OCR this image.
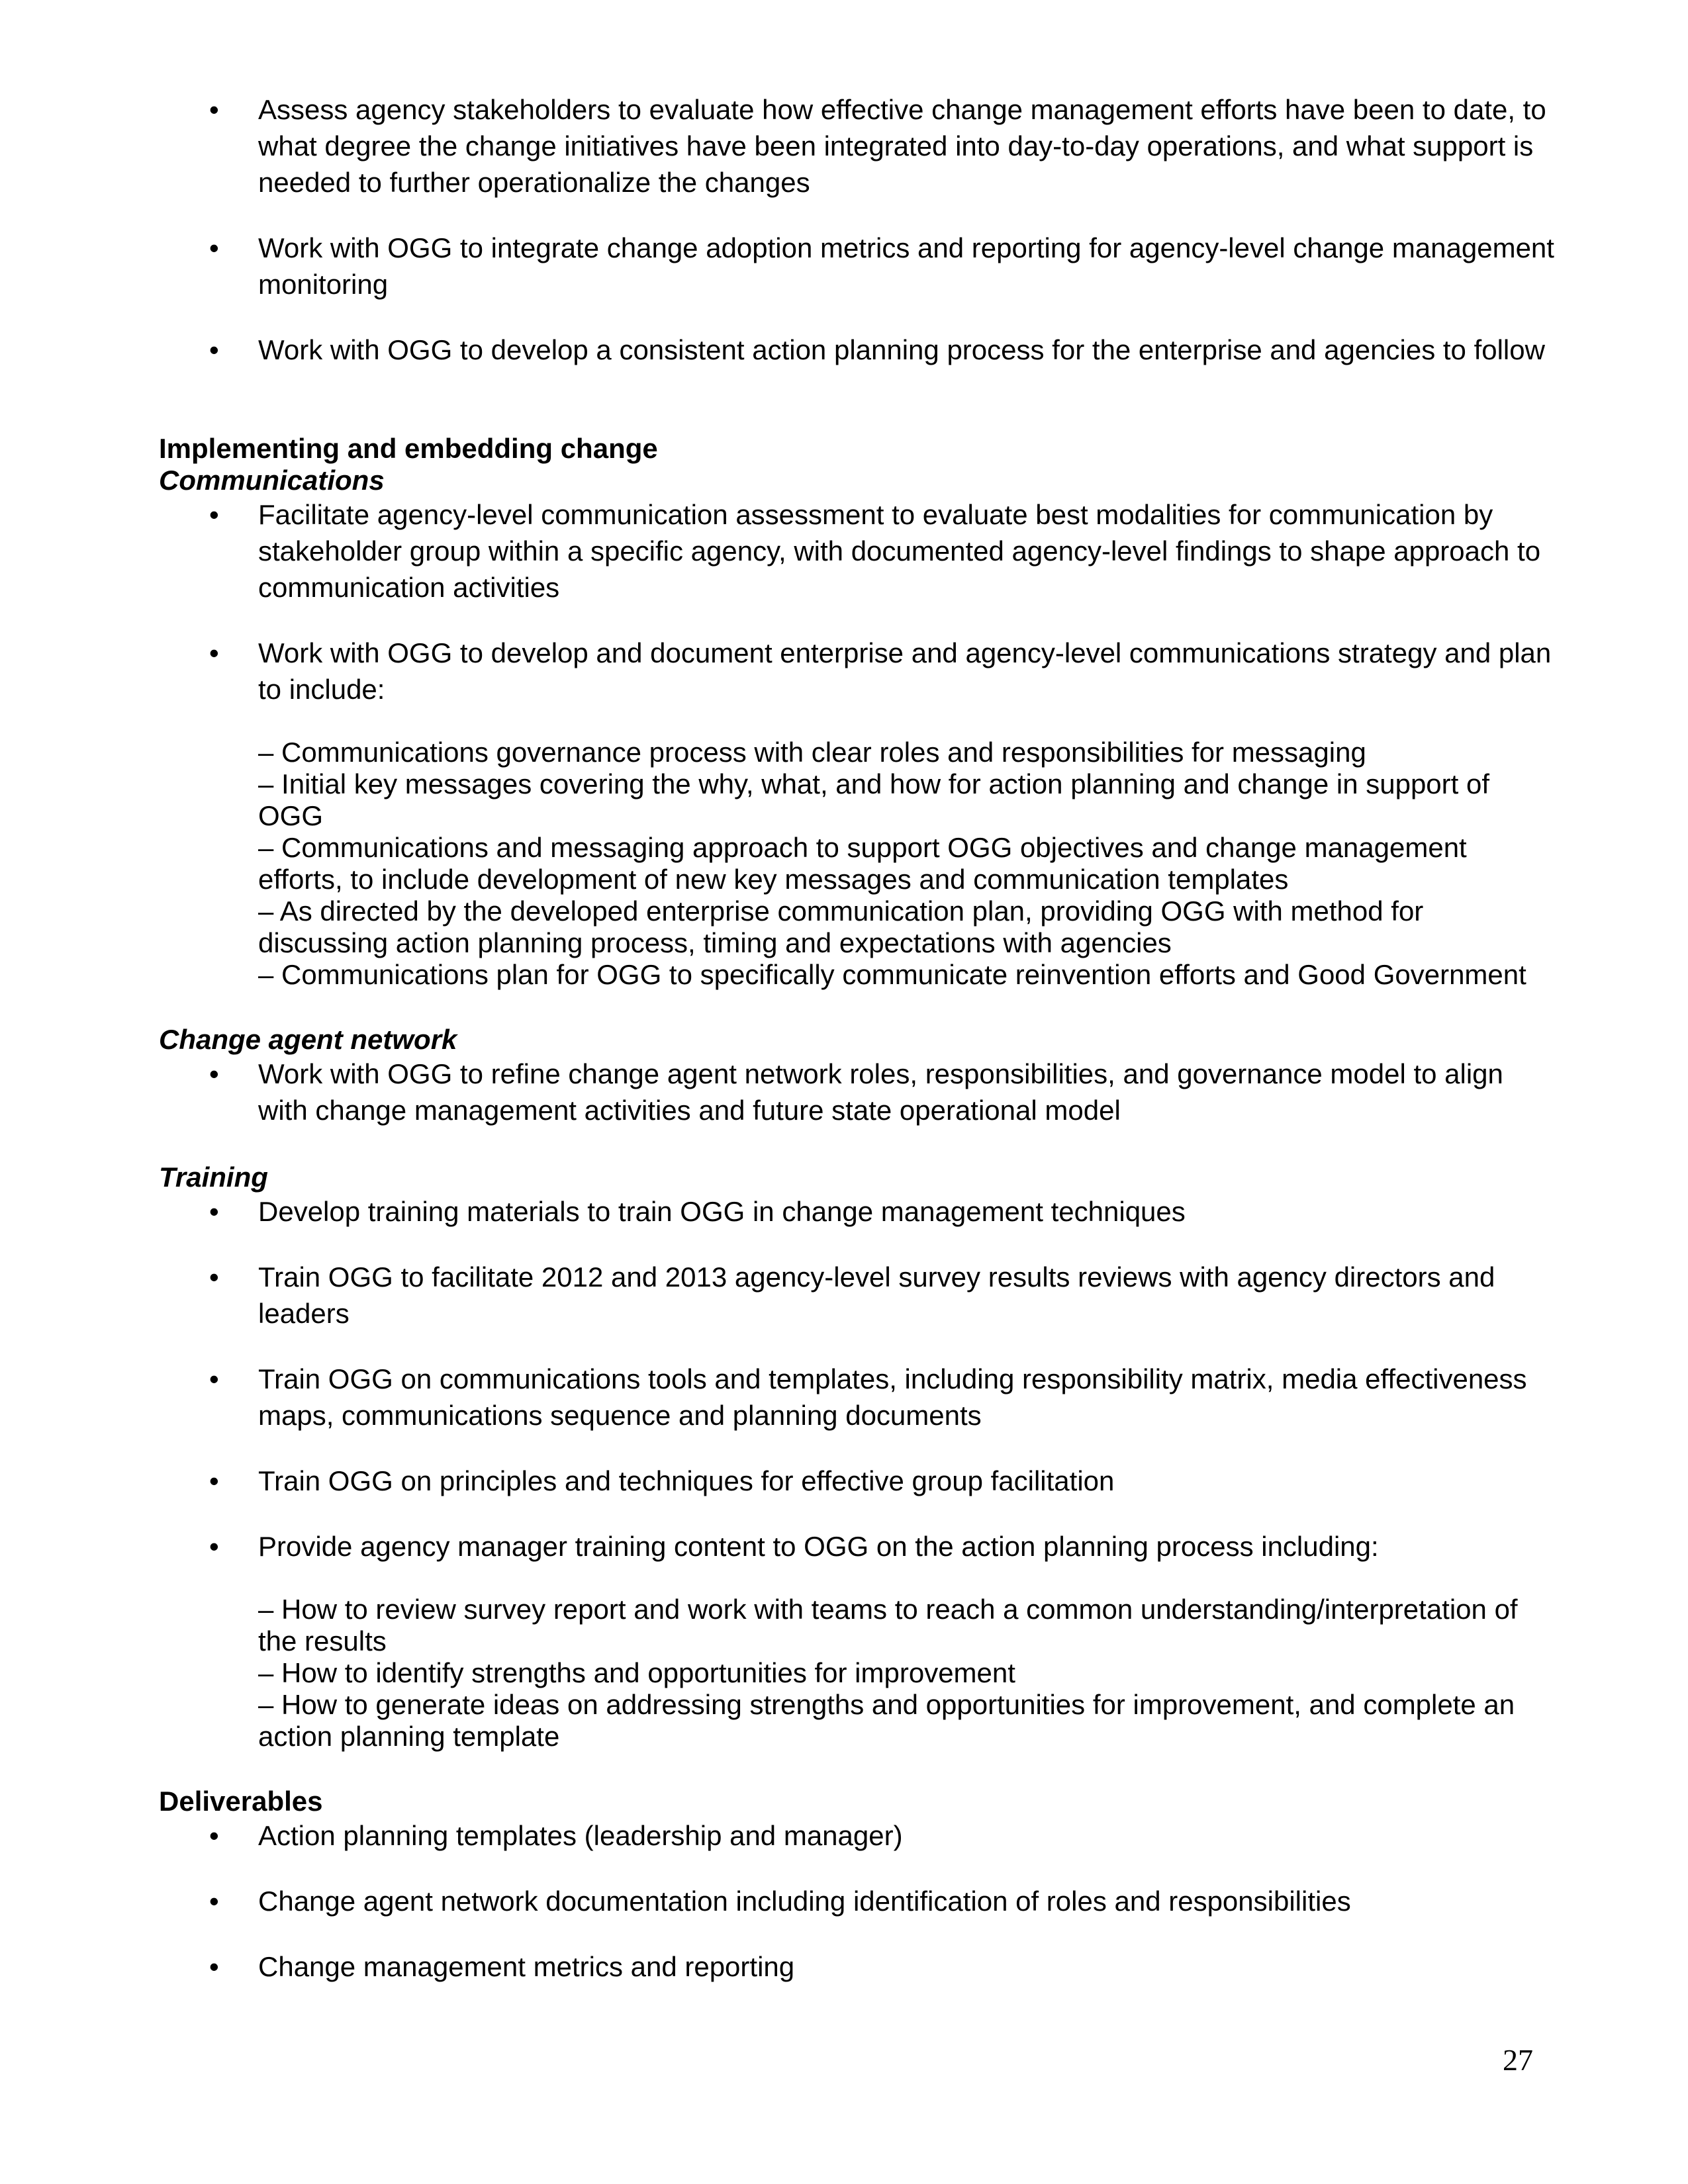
•	Assess agency stakeholders to evaluate how effective change management efforts have been to date, to what degree the change initiatives have been integrated into day-to-day operations, and what support is needed to further operationalize the changes
•	Work with OGG to integrate change adoption metrics and reporting for agency-level change management monitoring
•	Work with OGG to develop a consistent action planning process for the enterprise and agencies to follow
Implementing and embedding change
Communications
•	Facilitate agency-level communication assessment to evaluate best modalities for communication by stakeholder group within a specific agency, with documented agency-level findings to shape approach to communication activities
•	Work with OGG to develop and document enterprise and agency-level communications strategy and plan to include:
– Communications governance process with clear roles and responsibilities for messaging
– Initial key messages covering the why, what, and how for action planning and change in support of OGG
– Communications and messaging approach to support OGG objectives and change management efforts, to include development of new key messages and communication templates
– As directed by the developed enterprise communication plan, providing OGG with method for discussing action planning process, timing and expectations with agencies
– Communications plan for OGG to specifically communicate reinvention efforts and Good Government
Change agent network
•	Work with OGG to refine change agent network roles, responsibilities, and governance model to align with change management activities and future state operational model
Training
•	Develop training materials to train OGG in change management techniques
•	Train OGG to facilitate 2012 and 2013 agency-level survey results reviews with agency directors and leaders
•	Train OGG on communications tools and templates, including responsibility matrix, media effectiveness maps, communications sequence and planning documents
•	Train OGG on principles and techniques for effective group facilitation
•	Provide agency manager training content to OGG on the action planning process including:
– How to review survey report and work with teams to reach a common understanding/interpretation of the results
– How to identify strengths and opportunities for improvement
– How to generate ideas on addressing strengths and opportunities for improvement, and complete an action planning template
Deliverables
•	Action planning templates (leadership and manager)
•	Change agent network documentation including identification of roles and responsibilities
•	Change management metrics and reporting
27
